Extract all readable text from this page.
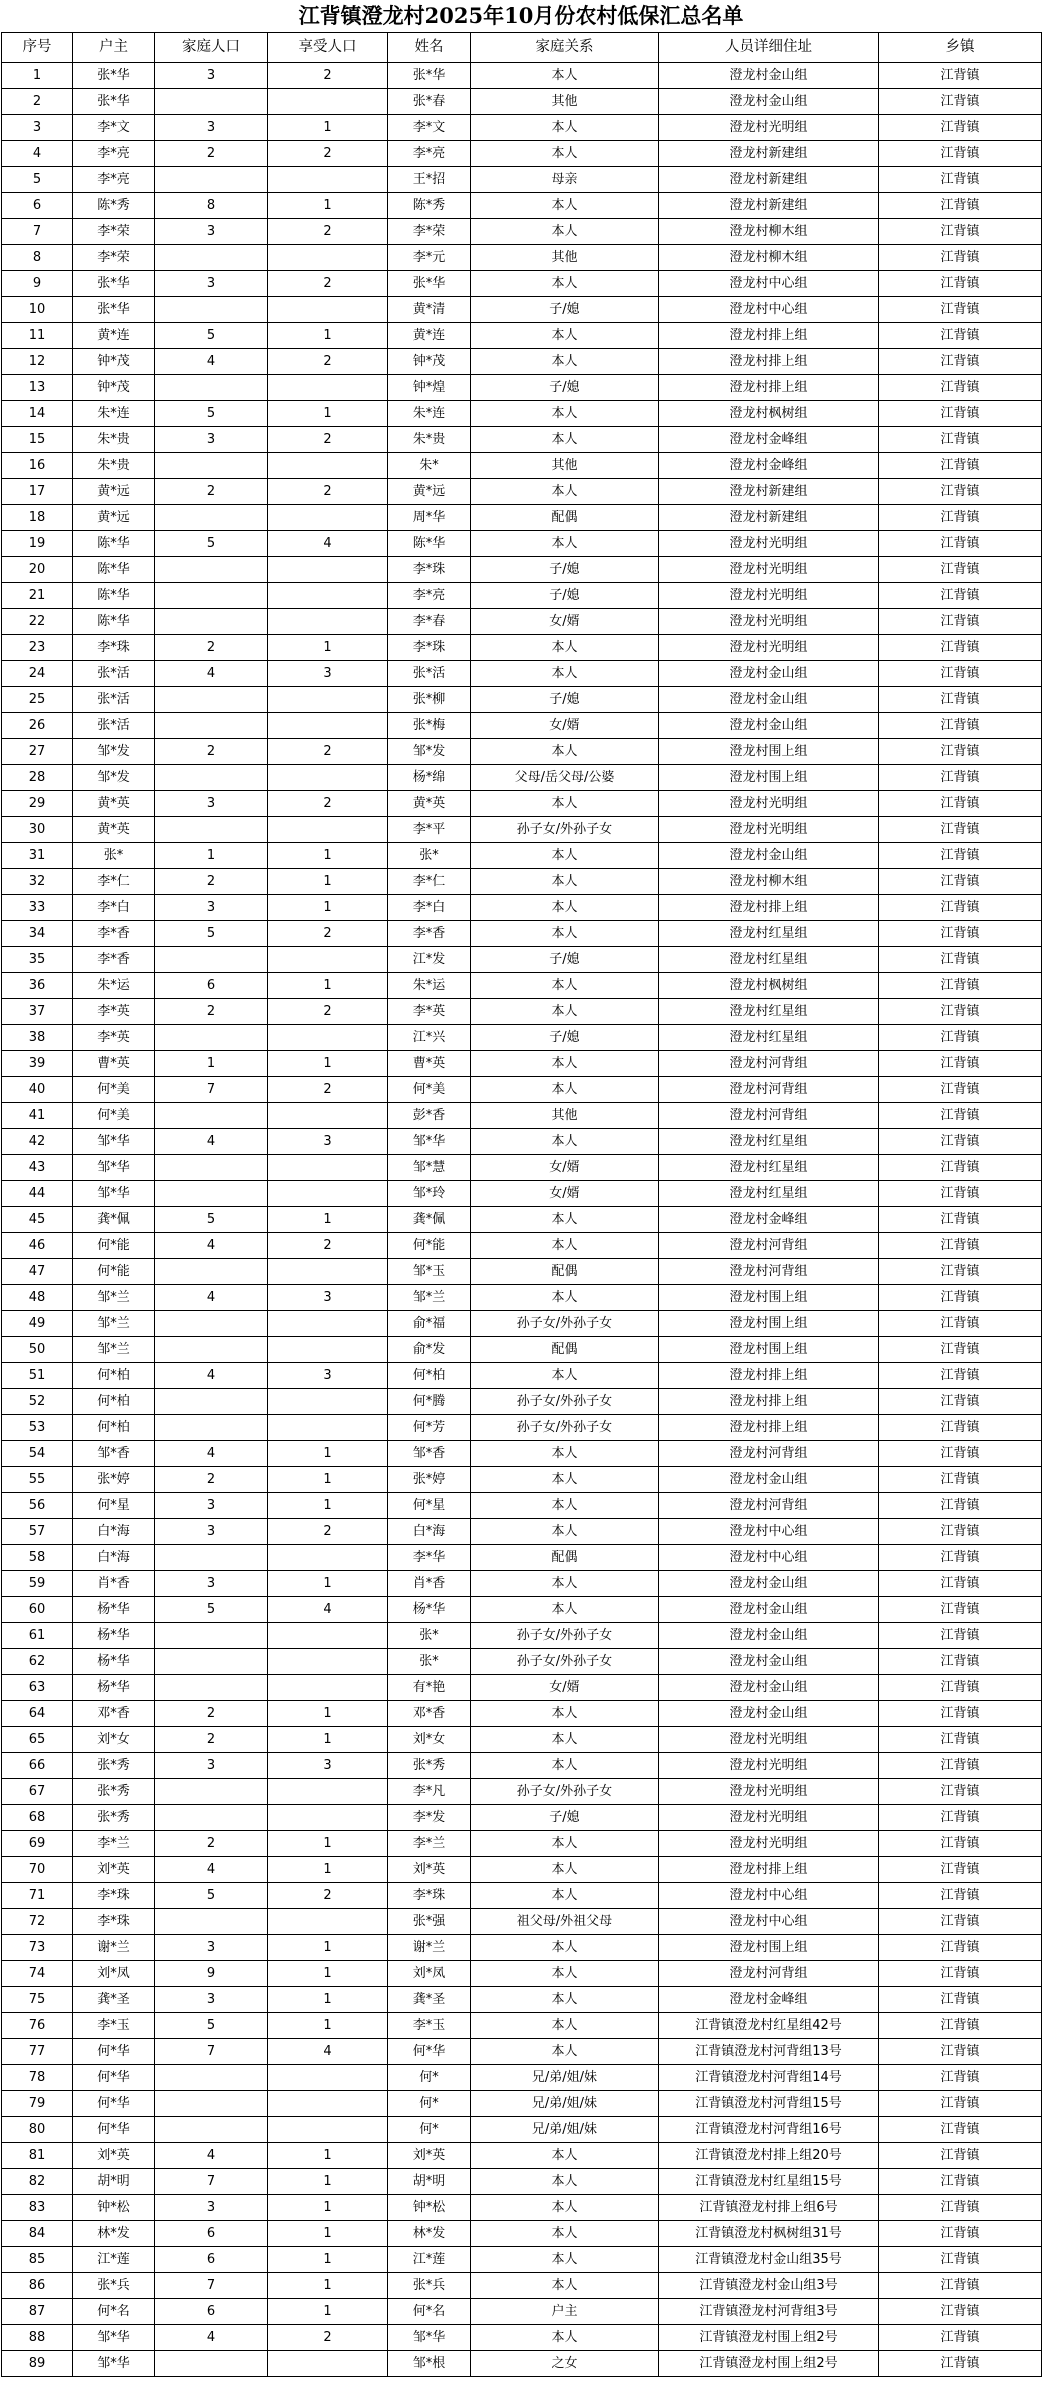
江背镇澄龙村2025年10月份农村低保汇总名单
序号	户主	家庭人口	享受人口	姓名	家庭关系	人员详细住址	乡镇
1	张*华	3	2	张*华	本人	澄龙村金山组	江背镇
2	张*华			张*春	其他	澄龙村金山组	江背镇
3	李*文	3	1	李*文	本人	澄龙村光明组	江背镇
4	李*亮	2	2	李*亮	本人	澄龙村新建组	江背镇
5	李*亮			王*招	母亲	澄龙村新建组	江背镇
6	陈*秀	8	1	陈*秀	本人	澄龙村新建组	江背镇
7	李*荣	3	2	李*荣	本人	澄龙村柳木组	江背镇
8	李*荣			李*元	其他	澄龙村柳木组	江背镇
9	张*华	3	2	张*华	本人	澄龙村中心组	江背镇
10	张*华			黄*清	子/媳	澄龙村中心组	江背镇
11	黄*连	5	1	黄*连	本人	澄龙村排上组	江背镇
12	钟*茂	4	2	钟*茂	本人	澄龙村排上组	江背镇
13	钟*茂			钟*煌	子/媳	澄龙村排上组	江背镇
14	朱*连	5	1	朱*连	本人	澄龙村枫树组	江背镇
15	朱*贵	3	2	朱*贵	本人	澄龙村金峰组	江背镇
16	朱*贵			朱*	其他	澄龙村金峰组	江背镇
17	黄*远	2	2	黄*远	本人	澄龙村新建组	江背镇
18	黄*远			周*华	配偶	澄龙村新建组	江背镇
19	陈*华	5	4	陈*华	本人	澄龙村光明组	江背镇
20	陈*华			李*珠	子/媳	澄龙村光明组	江背镇
21	陈*华			李*亮	子/媳	澄龙村光明组	江背镇
22	陈*华			李*春	女/婿	澄龙村光明组	江背镇
23	李*珠	2	1	李*珠	本人	澄龙村光明组	江背镇
24	张*活	4	3	张*活	本人	澄龙村金山组	江背镇
25	张*活			张*柳	子/媳	澄龙村金山组	江背镇
26	张*活			张*梅	女/婿	澄龙村金山组	江背镇
27	邹*发	2	2	邹*发	本人	澄龙村围上组	江背镇
28	邹*发			杨*绵	父母/岳父母/公婆	澄龙村围上组	江背镇
29	黄*英	3	2	黄*英	本人	澄龙村光明组	江背镇
30	黄*英			李*平	孙子女/外孙子女	澄龙村光明组	江背镇
31	张*	1	1	张*	本人	澄龙村金山组	江背镇
32	李*仁	2	1	李*仁	本人	澄龙村柳木组	江背镇
33	李*白	3	1	李*白	本人	澄龙村排上组	江背镇
34	李*香	5	2	李*香	本人	澄龙村红星组	江背镇
35	李*香			江*发	子/媳	澄龙村红星组	江背镇
36	朱*运	6	1	朱*运	本人	澄龙村枫树组	江背镇
37	李*英	2	2	李*英	本人	澄龙村红星组	江背镇
38	李*英			江*兴	子/媳	澄龙村红星组	江背镇
39	曹*英	1	1	曹*英	本人	澄龙村河背组	江背镇
40	何*美	7	2	何*美	本人	澄龙村河背组	江背镇
41	何*美			彭*香	其他	澄龙村河背组	江背镇
42	邹*华	4	3	邹*华	本人	澄龙村红星组	江背镇
43	邹*华			邹*慧	女/婿	澄龙村红星组	江背镇
44	邹*华			邹*玲	女/婿	澄龙村红星组	江背镇
45	龚*佩	5	1	龚*佩	本人	澄龙村金峰组	江背镇
46	何*能	4	2	何*能	本人	澄龙村河背组	江背镇
47	何*能			邹*玉	配偶	澄龙村河背组	江背镇
48	邹*兰	4	3	邹*兰	本人	澄龙村围上组	江背镇
49	邹*兰			俞*福	孙子女/外孙子女	澄龙村围上组	江背镇
50	邹*兰			俞*发	配偶	澄龙村围上组	江背镇
51	何*柏	4	3	何*柏	本人	澄龙村排上组	江背镇
52	何*柏			何*腾	孙子女/外孙子女	澄龙村排上组	江背镇
53	何*柏			何*芳	孙子女/外孙子女	澄龙村排上组	江背镇
54	邹*香	4	1	邹*香	本人	澄龙村河背组	江背镇
55	张*婷	2	1	张*婷	本人	澄龙村金山组	江背镇
56	何*星	3	1	何*星	本人	澄龙村河背组	江背镇
57	白*海	3	2	白*海	本人	澄龙村中心组	江背镇
58	白*海			李*华	配偶	澄龙村中心组	江背镇
59	肖*香	3	1	肖*香	本人	澄龙村金山组	江背镇
60	杨*华	5	4	杨*华	本人	澄龙村金山组	江背镇
61	杨*华			张*	孙子女/外孙子女	澄龙村金山组	江背镇
62	杨*华			张*	孙子女/外孙子女	澄龙村金山组	江背镇
63	杨*华			有*艳	女/婿	澄龙村金山组	江背镇
64	邓*香	2	1	邓*香	本人	澄龙村金山组	江背镇
65	刘*女	2	1	刘*女	本人	澄龙村光明组	江背镇
66	张*秀	3	3	张*秀	本人	澄龙村光明组	江背镇
67	张*秀			李*凡	孙子女/外孙子女	澄龙村光明组	江背镇
68	张*秀			李*发	子/媳	澄龙村光明组	江背镇
69	李*兰	2	1	李*兰	本人	澄龙村光明组	江背镇
70	刘*英	4	1	刘*英	本人	澄龙村排上组	江背镇
71	李*珠	5	2	李*珠	本人	澄龙村中心组	江背镇
72	李*珠			张*强	祖父母/外祖父母	澄龙村中心组	江背镇
73	谢*兰	3	1	谢*兰	本人	澄龙村围上组	江背镇
74	刘*凤	9	1	刘*凤	本人	澄龙村河背组	江背镇
75	龚*圣	3	1	龚*圣	本人	澄龙村金峰组	江背镇
76	李*玉	5	1	李*玉	本人	江背镇澄龙村红星组42号	江背镇
77	何*华	7	4	何*华	本人	江背镇澄龙村河背组13号	江背镇
78	何*华			何*	兄/弟/姐/妹	江背镇澄龙村河背组14号	江背镇
79	何*华			何*	兄/弟/姐/妹	江背镇澄龙村河背组15号	江背镇
80	何*华			何*	兄/弟/姐/妹	江背镇澄龙村河背组16号	江背镇
81	刘*英	4	1	刘*英	本人	江背镇澄龙村排上组20号	江背镇
82	胡*明	7	1	胡*明	本人	江背镇澄龙村红星组15号	江背镇
83	钟*松	3	1	钟*松	本人	江背镇澄龙村排上组6号	江背镇
84	林*发	6	1	林*发	本人	江背镇澄龙村枫树组31号	江背镇
85	江*莲	6	1	江*莲	本人	江背镇澄龙村金山组35号	江背镇
86	张*兵	7	1	张*兵	本人	江背镇澄龙村金山组3号	江背镇
87	何*名	6	1	何*名	户主	江背镇澄龙村河背组3号	江背镇
88	邹*华	4	2	邹*华	本人	江背镇澄龙村围上组2号	江背镇
89	邹*华			邹*根	之女	江背镇澄龙村围上组2号	江背镇
